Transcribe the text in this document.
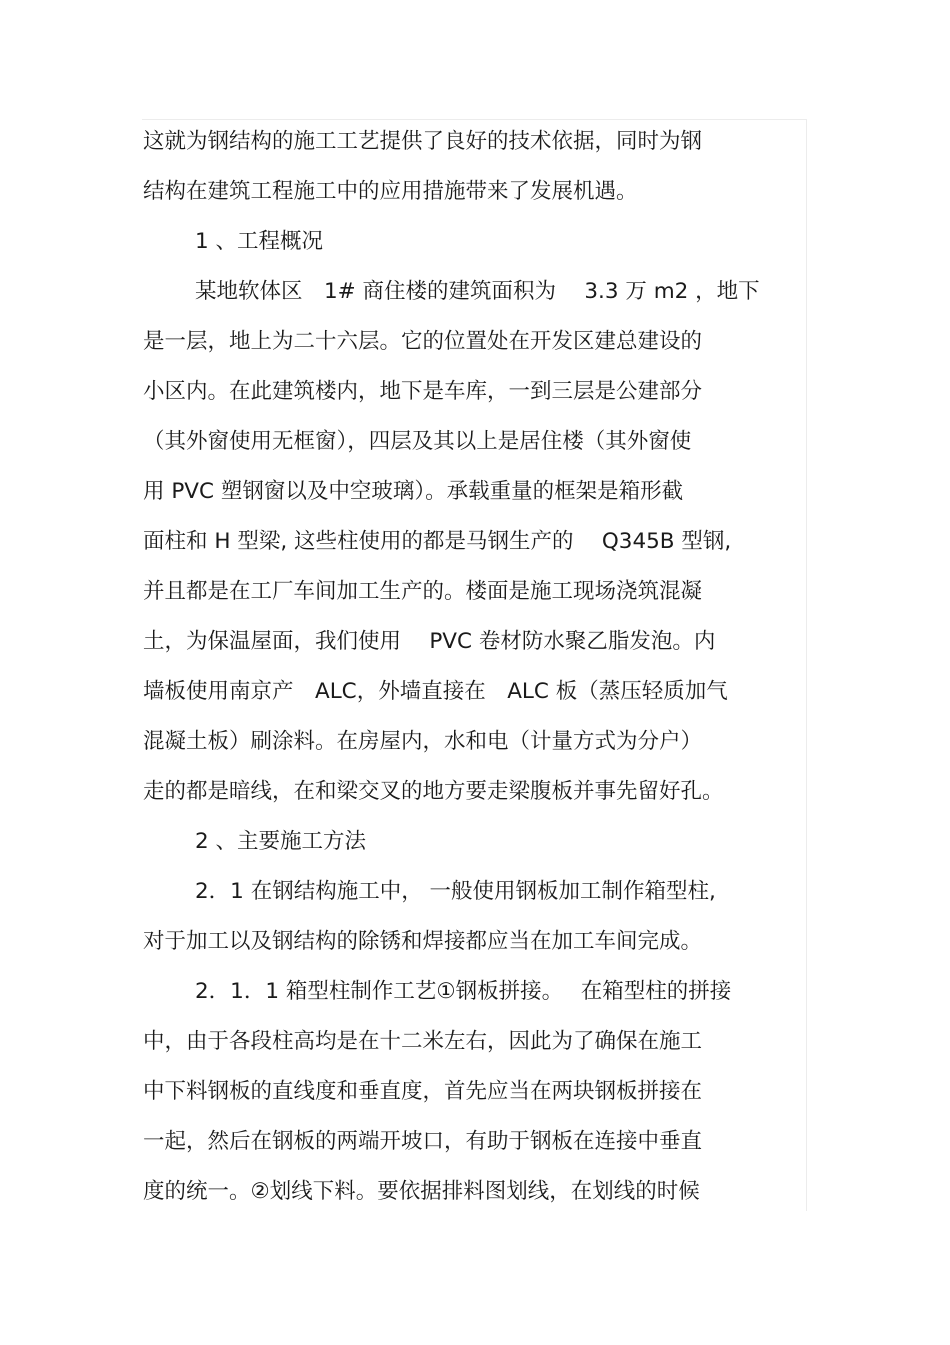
这就为钢结构的施工工艺提供了良好的技术依据，同时为钢
结构在建筑工程施工中的应用措施带来了发展机遇。
1 、工程概况
某地软体区　1# 商住楼的建筑面积为　 3.3 万 m2 ，地下
是一层，地上为二十六层。它的位置处在开发区建总建设的
小区内。在此建筑楼内，地下是车库，一到三层是公建部分
（其外窗使用无框窗），四层及其以上是居住楼（其外窗使
用 PVC 塑钢窗以及中空玻璃）。承载重量的框架是箱形截
面柱和 H 型梁, 这些柱使用的都是马钢生产的　 Q345B 型钢,
并且都是在工厂车间加工生产的。楼面是施工现场浇筑混凝
土，为保温屋面，我们使用　 PVC 卷材防水聚乙脂发泡。内
墙板使用南京产　ALC，外墙直接在　ALC 板（蒸压轻质加气
混凝土板）刷涂料。在房屋内，水和电（计量方式为分户）
走的都是暗线，在和梁交叉的地方要走梁腹板并事先留好孔。
2 、主要施工方法
2．1 在钢结构施工中， 一般使用钢板加工制作箱型柱,
对于加工以及钢结构的除锈和焊接都应当在加工车间完成。
2．1．1 箱型柱制作工艺①钢板拼接。　 在箱型柱的拼接
中，由于各段柱高均是在十二米左右，因此为了确保在施工
中下料钢板的直线度和垂直度，首先应当在两块钢板拼接在
一起，然后在钢板的两端开坡口，有助于钢板在连接中垂直
度的统一。②划线下料。要依据排料图划线，在划线的时候
